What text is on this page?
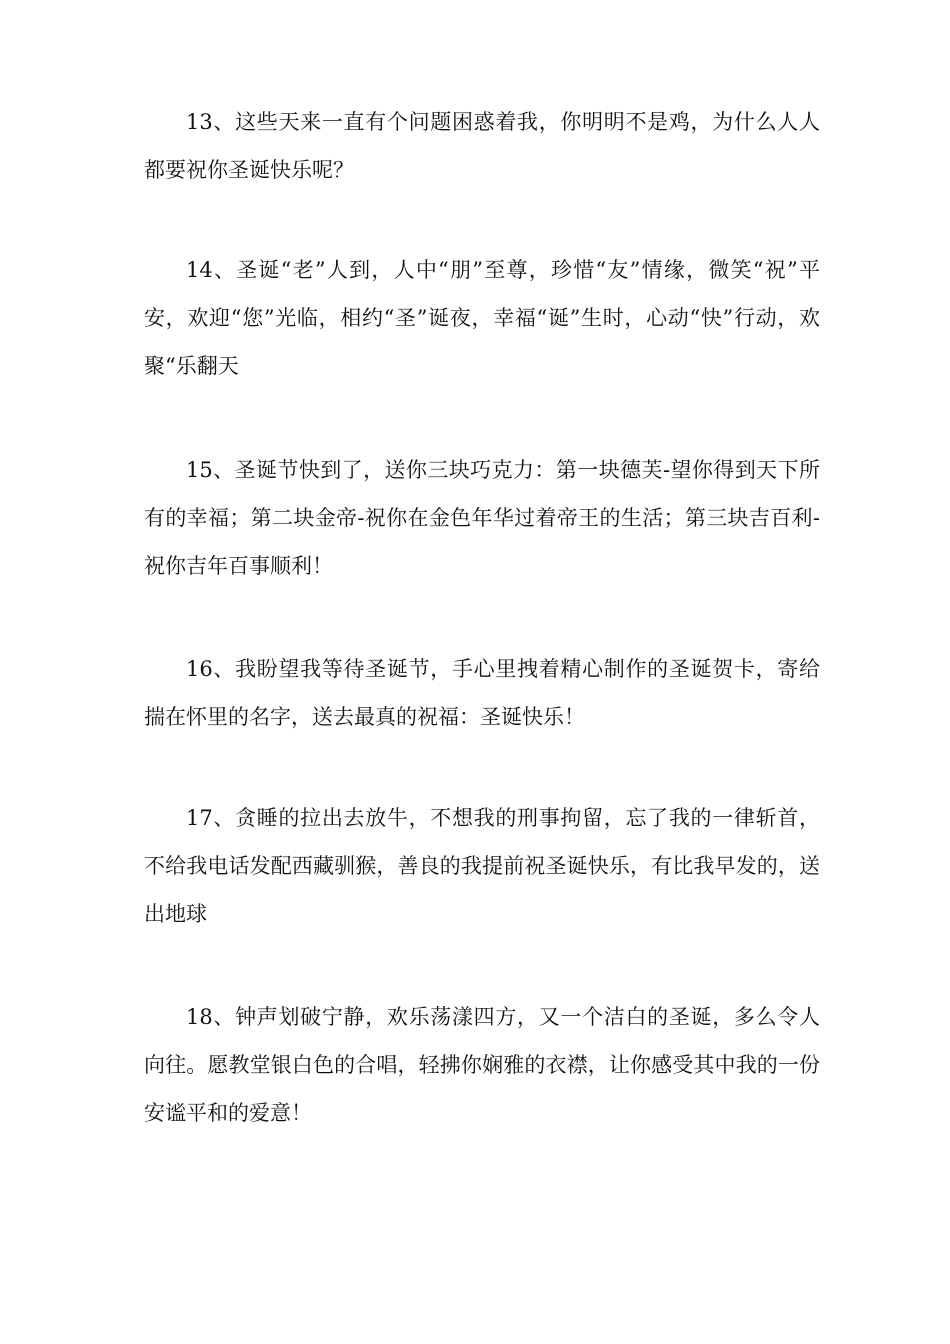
13、这些天来一直有个问题困惑着我，你明明不是鸡，为什么人人都要祝你圣诞快乐呢？

14、圣诞“老”人到，人中“朋”至尊，珍惜“友”情缘，微笑“祝”平安，欢迎“您”光临，相约“圣”诞夜，幸福“诞”生时，心动“快”行动，欢聚“乐翻天

15、圣诞节快到了，送你三块巧克力：第一块德芙-望你得到天下所有的幸福；第二块金帝-祝你在金色年华过着帝王的生活；第三块吉百利-祝你吉年百事顺利！

16、我盼望我等待圣诞节，手心里拽着精心制作的圣诞贺卡，寄给揣在怀里的名字，送去最真的祝福：圣诞快乐！

17、贪睡的拉出去放牛，不想我的刑事拘留，忘了我的一律斩首，不给我电话发配西藏驯猴，善良的我提前祝圣诞快乐，有比我早发的，送出地球

18、钟声划破宁静，欢乐荡漾四方，又一个洁白的圣诞，多么令人向往。愿教堂银白色的合唱，轻拂你娴雅的衣襟，让你感受其中我的一份安谧平和的爱意！
